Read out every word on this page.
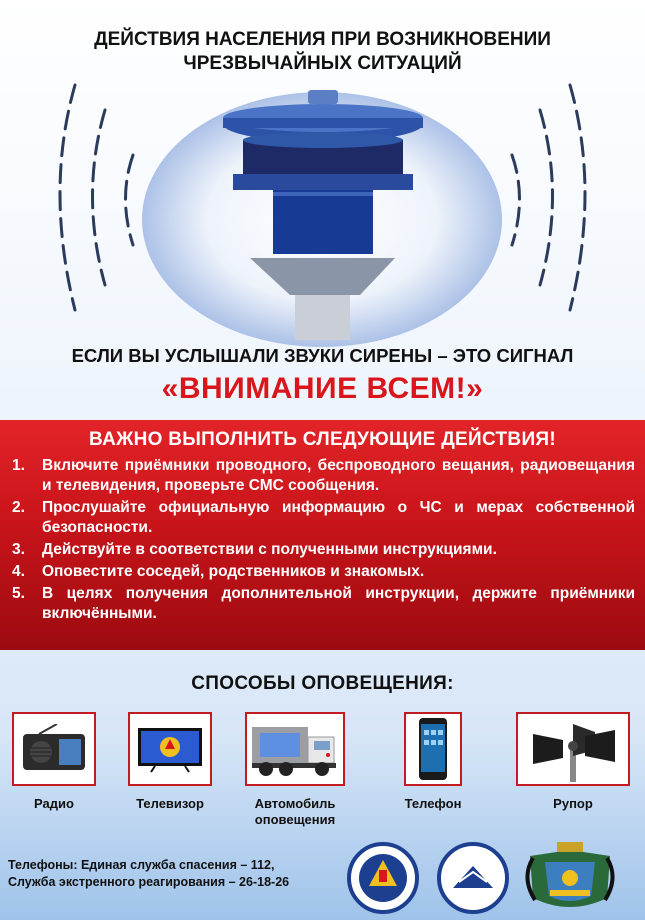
ДЕЙСТВИЯ НАСЕЛЕНИЯ ПРИ ВОЗНИКНОВЕНИИ
ЧРЕЗВЫЧАЙНЫХ СИТУАЦИЙ
ЕСЛИ ВЫ УСЛЫШАЛИ ЗВУКИ СИРЕНЫ – ЭТО СИГНАЛ
«ВНИМАНИЕ ВСЕМ!»
ВАЖНО ВЫПОЛНИТЬ СЛЕДУЮЩИЕ ДЕЙСТВИЯ!
1.	Включите приёмники проводного, беспроводного вещания, радиовещания и телевидения, проверьте СМС сообщения.
2.	Прослушайте официальную информацию о ЧС и мерах собственной безопасности.
3.	Действуйте в соответствии с полученными инструкциями.
4.	Оповестите соседей, родственников и знакомых.
5.	В целях получения дополнительной инструкции, держите приёмники включёнными.
СПОСОБЫ ОПОВЕЩЕНИЯ:
Радио	Телевизор	Автомобиль оповещения
Телефон	Рупор
Телефоны: Единая служба спасения – 112,
Служба экстренного реагирования – 26-18-26
